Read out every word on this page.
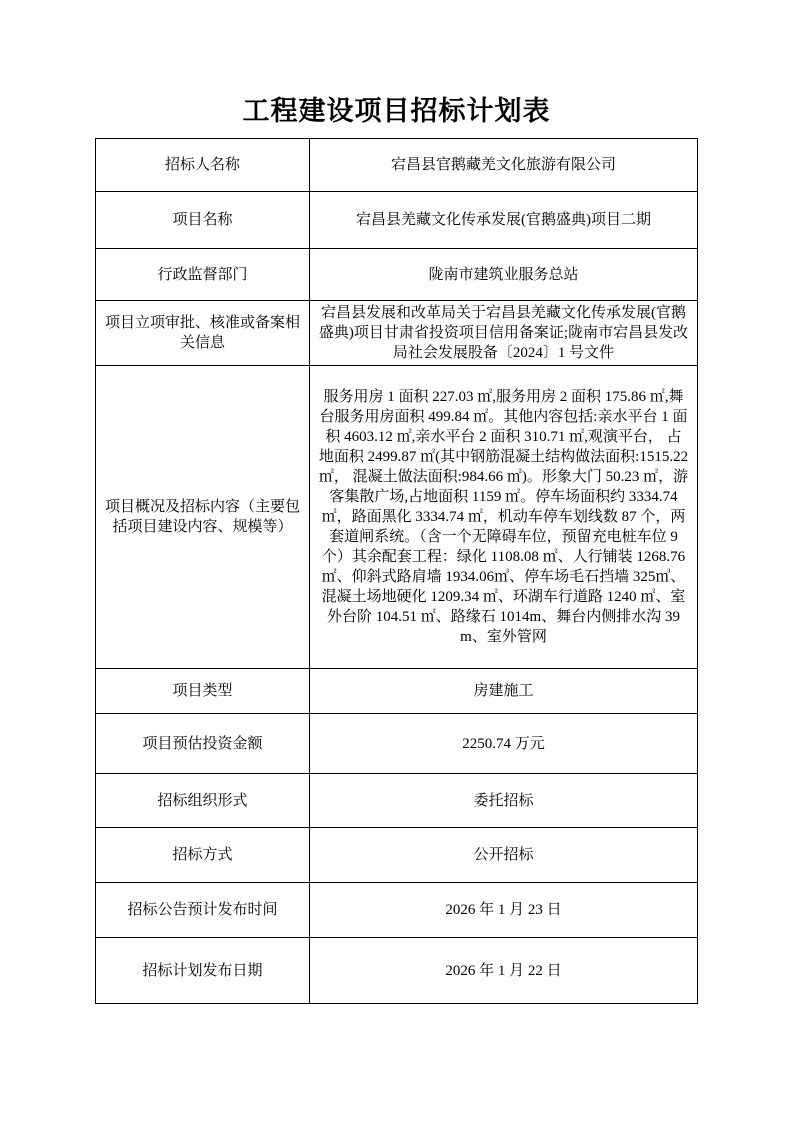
工程建设项目招标计划表
招标人名称	宕昌县官鹅藏羌文化旅游有限公司
项目名称	宕昌县羌藏文化传承发展(官鹅盛典)项目二期
行政监督部门	陇南市建筑业服务总站
项目立项审批、核准或备案相关信息	宕昌县发展和改革局关于宕昌县羌藏文化传承发展(官鹅盛典)项目甘肃省投资项目信用备案证;陇南市宕昌县发改局社会发展股备〔2024〕1 号文件
项目概况及招标内容（主要包括项目建设内容、规模等）	服务用房 1 面积 227.03 ㎡,服务用房 2 面积 175.86 ㎡,舞台服务用房面积 499.84 ㎡。其他内容包括:亲水平台 1 面积 4603.12 ㎡,亲水平台 2 面积 310.71 ㎡,观演平台， 占地面积 2499.87 ㎡(其中钢筋混凝土结构做法面积:1515.22 ㎡， 混凝土做法面积:984.66 ㎡)。形象大门 50.23 ㎡，游客集散广场,占地面积 1159 ㎡。停车场面积约 3334.74 ㎡，路面黑化 3334.74 ㎡，机动车停车划线数 87 个，两套道闸系统。（含一个无障碍车位，预留充电桩车位 9 个）其余配套工程：绿化 1108.08 ㎡、人行铺装 1268.76 ㎡、仰斜式路肩墙 1934.06㎥、停车场毛石挡墙 325㎥、混凝土场地硬化 1209.34 ㎡、环湖车行道路 1240 ㎡、室外台阶 104.51 ㎡、路缘石 1014m、舞台内侧排水沟 39m、室外管网
项目类型	房建施工
项目预估投资金额	2250.74 万元
招标组织形式	委托招标
招标方式	公开招标
招标公告预计发布时间	2026 年 1 月 23 日
招标计划发布日期	2026 年 1 月 22 日
